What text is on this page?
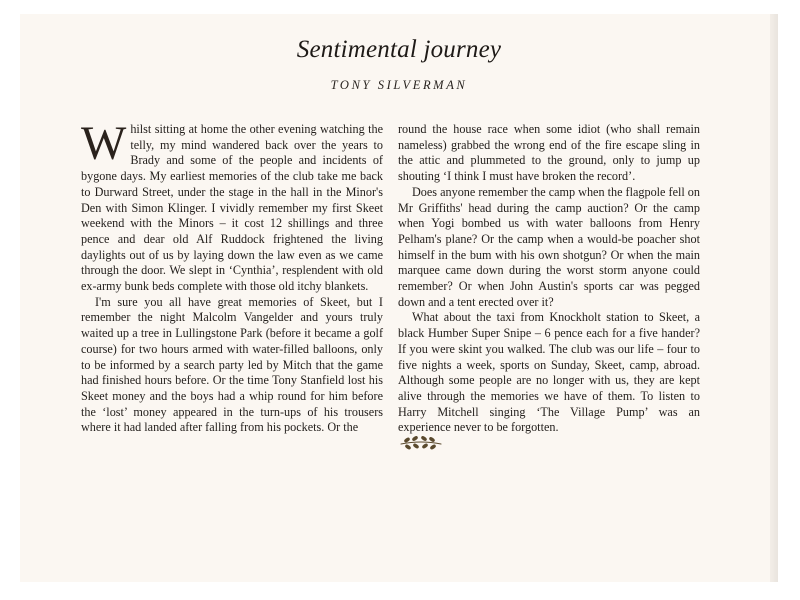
Sentimental journey
TONY SILVERMAN

Whilst sitting at home the other evening watching the telly, my mind wandered back over the years to Brady and some of the people and incidents of bygone days. My earliest memories of the club take me back to Durward Street, under the stage in the hall in the Minor's Den with Simon Klinger. I vividly remember my first Skeet weekend with the Minors – it cost 12 shillings and three pence and dear old Alf Ruddock frightened the living daylights out of us by laying down the law even as we came through the door. We slept in ‘Cynthia’, resplendent with old ex-army bunk beds complete with those old itchy blankets.

I'm sure you all have great memories of Skeet, but I remember the night Malcolm Vangelder and yours truly waited up a tree in Lullingstone Park (before it became a golf course) for two hours armed with water-filled balloons, only to be informed by a search party led by Mitch that the game had finished hours before. Or the time Tony Stanfield lost his Skeet money and the boys had a whip round for him before the ‘lost’ money appeared in the turn-ups of his trousers where it had landed after falling from his pockets. Or the

round the house race when some idiot (who shall remain nameless) grabbed the wrong end of the fire escape sling in the attic and plummeted to the ground, only to jump up shouting ‘I think I must have broken the record’.

Does anyone remember the camp when the flagpole fell on Mr Griffiths' head during the camp auction? Or the camp when Yogi bombed us with water balloons from Henry Pelham's plane? Or the camp when a would-be poacher shot himself in the bum with his own shotgun? Or when the main marquee came down during the worst storm anyone could remember? Or when John Austin's sports car was pegged down and a tent erected over it?

What about the taxi from Knockholt station to Skeet, a black Humber Super Snipe – 6 pence each for a five hander? If you were skint you walked. The club was our life – four to five nights a week, sports on Sunday, Skeet, camp, abroad. Although some people are no longer with us, they are kept alive through the memories we have of them. To listen to Harry Mitchell singing ‘The Village Pump’ was an experience never to be forgotten.
